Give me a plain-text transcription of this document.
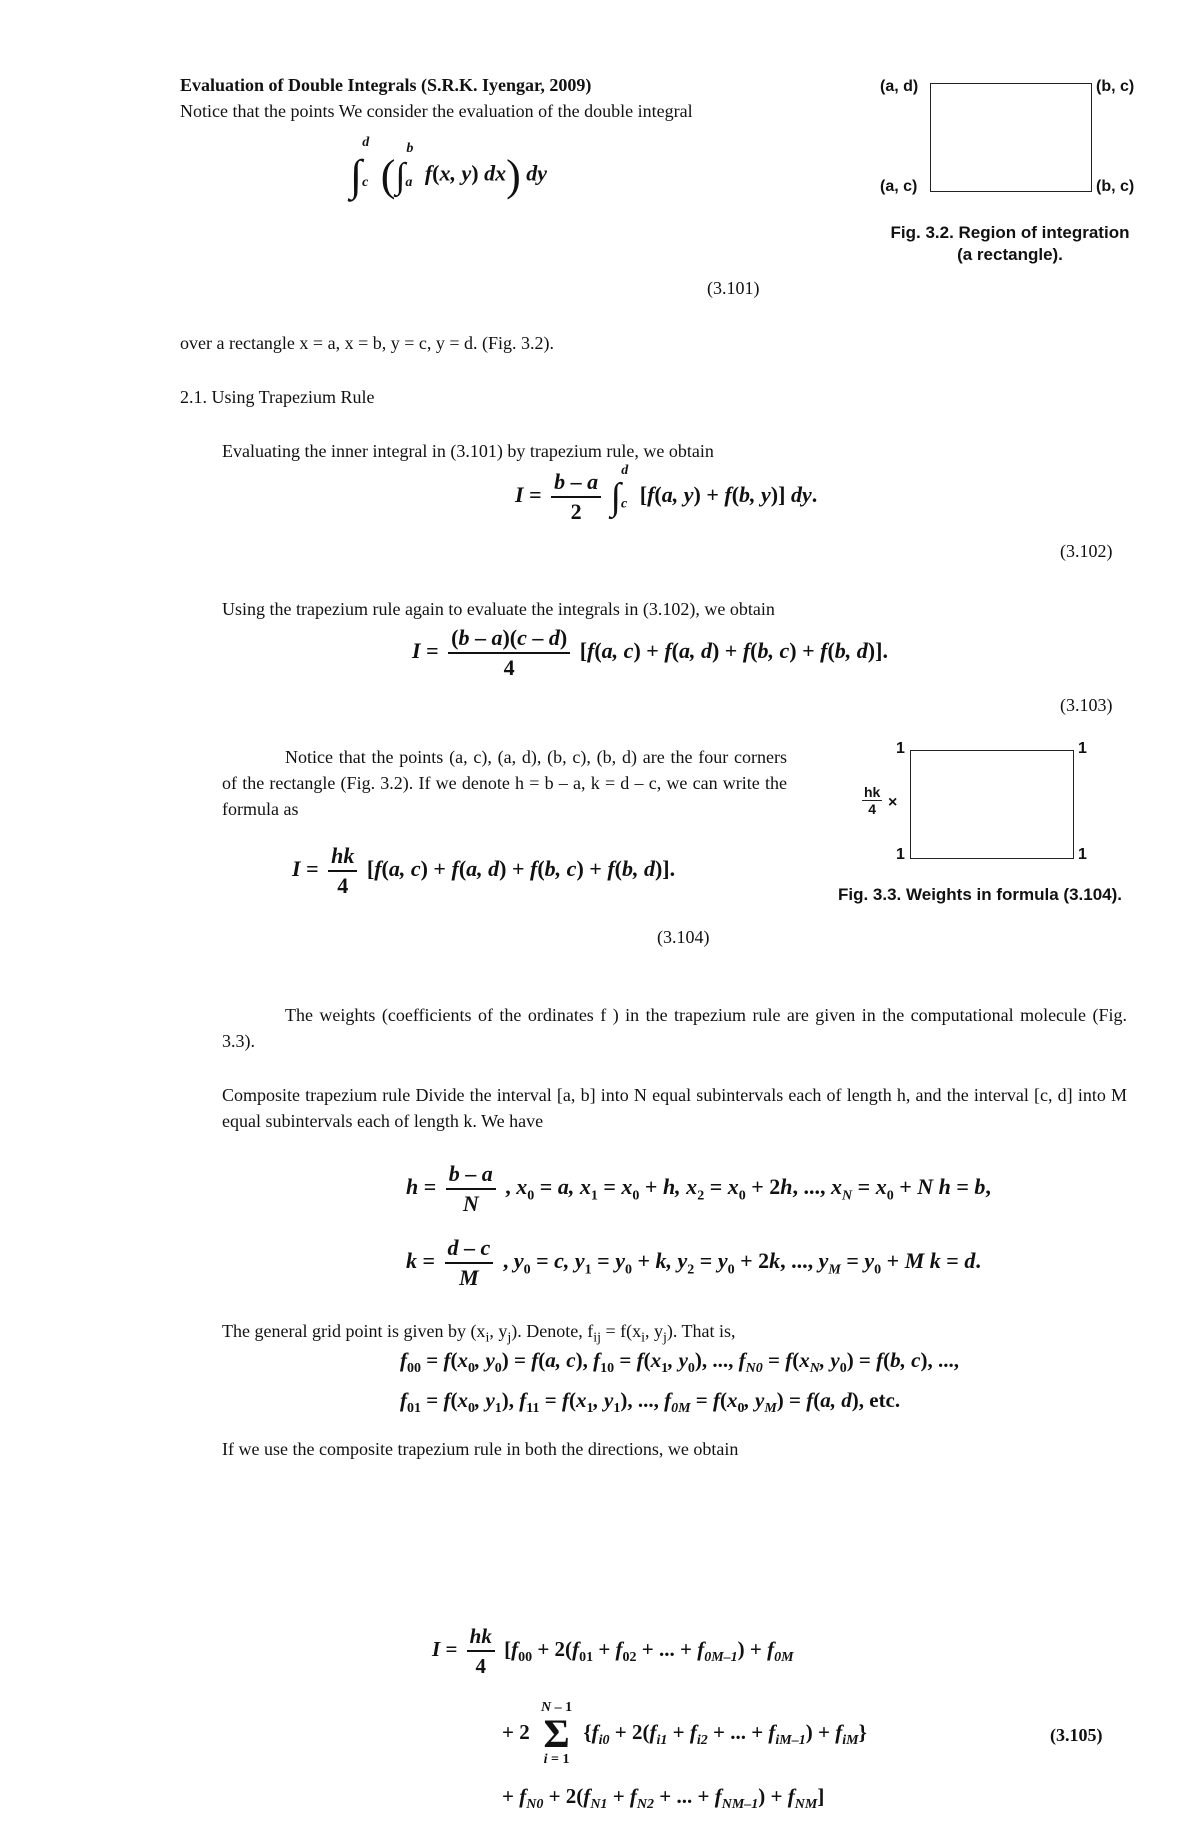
Evaluation of Double Integrals (S.R.K. Iyengar, 2009)
Notice that the points We consider the evaluation of the double integral
$\int_c^d$ ($\int_a^b$ f(x, y) dx) dy
(3.101)
(a, d)	(b, c)
(a, c)	(b, c)
Fig. 3.2. Region of integration
(a rectangle).
over a rectangle x = a, x = b, y = c, y = d. (Fig. 3.2).
2.1. Using Trapezium Rule
Evaluating the inner integral in (3.101) by trapezium rule, we obtain
$I = \frac{b - a}{2} \int_c^d$ [f(a, y) + f(b, y)] dy.
(3.102)
Using the trapezium rule again to evaluate the integrals in (3.102), we obtain
$I = \frac{(b - a)(c - d)}{4} [f(a$, c) + f(a, d) + f(b, c) + f(b, d)].
(3.103)
Notice that the points (a, c), (a, d), (b, c), (b, d) are the four corners of the rectangle (Fig. 3.2). If we denote h = b – a, k = d – c, we can write the formula as
$I = \frac{hk}{4} [f(a$, c) + f(a, d) + f(b, c) + f(b, d)].
(3.104)
1	1
1	1
hk
4 ×
Fig. 3.3. Weights in formula (3.104).
The weights (coefficients of the ordinates f ) in the trapezium rule are given in the computational molecule (Fig. 3.3).
Composite trapezium rule Divide the interval [a, b] into N equal subintervals each of length h, and the interval [c, d] into M equal subintervals each of length k. We have
$h = \frac{b - a}{N}$ , $x_0 = a$, $x_1 = x_0 + h$, $x_2 = x_0 + 2h$, ..., $x_N = x_0 + N$ h = b,
$k = \frac{d - c}{M}$ , $y_0 = c$, $y_1 = y_0 + k$, $y_2 = y_0 + 2k$, ..., $y_M = y_0 + M$ k = d.
The general grid point is given by ($x_i$, $y_j$). Denote, $f_{ij} = f(x_i$, $y_j$). That is,
$f_{00} = f(x_0$, $y_0) = f(a$, c), $f_{10} = f(x_1$, $y_0$), ..., $f_{N0} = f(x_N$, $y_0) = f(b$, c), ...,
$f_{01} = f(x_0$, $y_1$), $f_{11} = f(x_1$, $y_1$), ..., $f_{0M} = f(x_0$, $y_M) = f(a$, d), etc.
If we use the composite trapezium rule in both the directions, we obtain
$I = \frac{hk}{4} [f_{00} + 2(f_{01} + f_{02}$ + ... + $f_{0M-1}) + f_{0M}$
+ 2
N – 1
Σ
i = 1
{$f_{i0} + 2(f_{i1} + f_{i2}$ + ... + $f_{iM-1}) + f_{iM}$}	(3.105)
+ $f_{N0} + 2(f_{N1} + f_{N2}$ + ... + $f_{NM-1}) + f_{NM}$]
